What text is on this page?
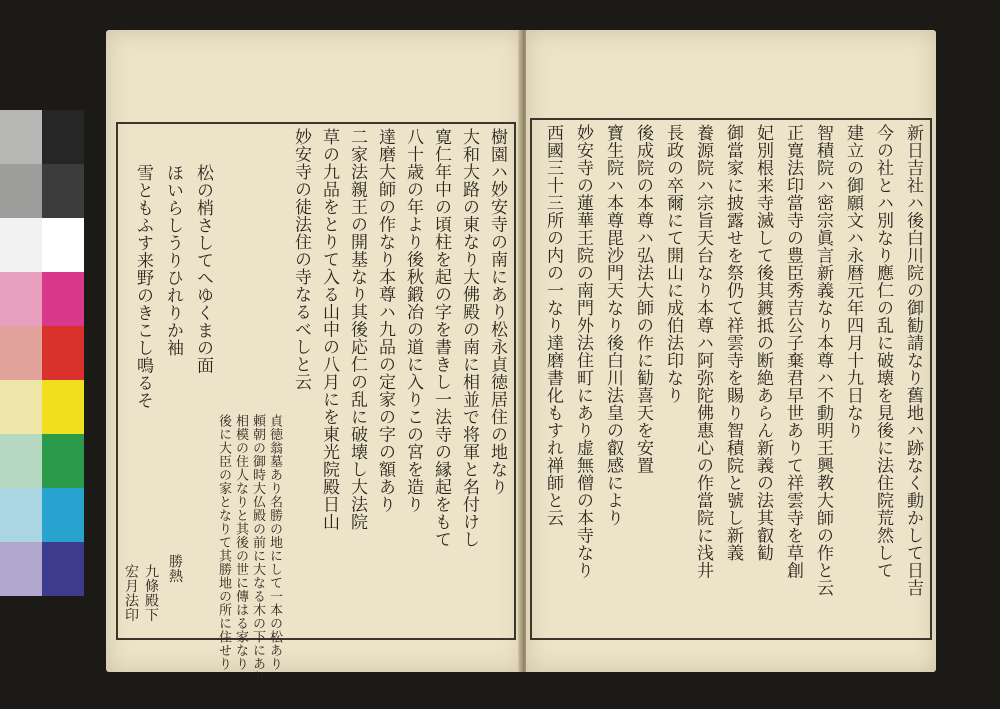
樹園ハ妙安寺の南にあり松永貞徳居住の地なり
大和大路の東なり大佛殿の南に相並で将軍と名付けし
寛仁年中の頃柱を起の字を書きし一法寺の縁起をもて
八十歳の年より後秋鍛冶の道に入りこの宮を造り
達磨大師の作なり本尊ハ九品の定家の字の額あり
二家法親王の開基なり其後応仁の乱に破壊し大法院
草の九品をとりて入る山中の八月にを東光院殿日山
妙安寺の徒法住の寺なるべしと云
貞徳翁墓あり名勝の地にして一本の松あり
頼朝の御時大仏殿の前に大なる木の下にあり
相模の住人なりと其後の世に傳はる家なり
後に大臣の家となりて其勝地の所に住せり
松の梢さしてへゆくまの面
ほいらしうりひれりか袖
雪ともふす来野のきこし鳴るそ
勝熱
九條殿下
宏月法印	新日吉社ハ後白川院の御勧請なり舊地ハ跡なく動かして日吉
今の社とハ別なり應仁の乱に破壊を見後に法住院荒然して
建立の御願文ハ永暦元年四月十九日なり
智積院ハ密宗眞言新義なり本尊ハ不動明王興教大師の作と云
正寛法印當寺の豊臣秀吉公子棄君早世ありて祥雲寺を草創
妃別根来寺滅して後其鍍抵の断絶あらん新義の法其叡勧
御當家に披露せを祭仍て祥雲寺を賜り智積院と號し新義
養源院ハ宗旨天台なり本尊ハ阿弥陀佛惠心の作當院に浅井
長政の卒爾にて開山に成伯法印なり
後成院の本尊ハ弘法大師の作に勧喜天を安置
寶生院ハ本尊毘沙門天なり後白川法皇の叡感により
妙安寺の蓮華王院の南門外法住町にあり虚無僧の本寺なり
西國三十三所の内の一なり達磨書化もすれ禅師と云
